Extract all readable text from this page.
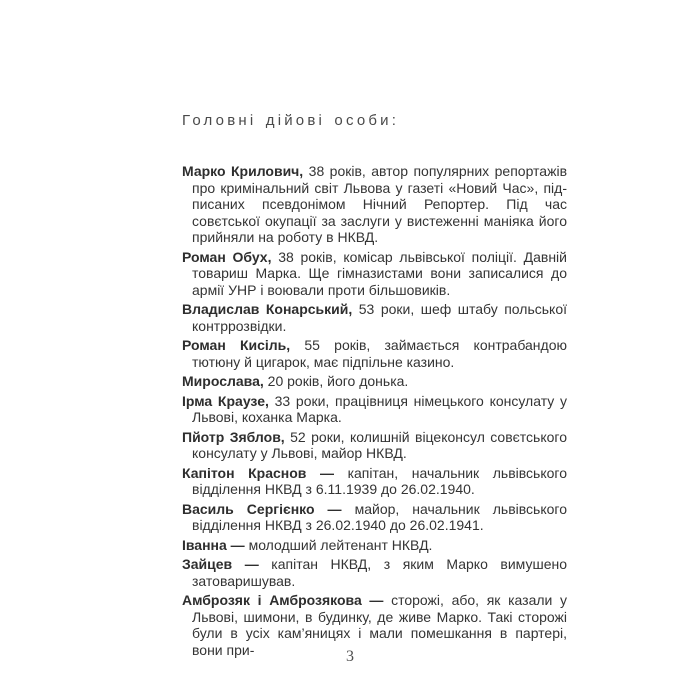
Головні дійові особи:

Марко Крилович, 38 років, автор популярних репортажів про кримінальний світ Львова у газеті «Новий Час», підписаних псевдонімом Нічний Репортер. Під час совєтської окупації за заслуги у вистеженні маніяка його прийняли на роботу в НКВД.

Роман Обух, 38 років, комісар львівської поліції. Давній товариш Марка. Ще гімназистами вони записалися до армії УНР і воювали проти більшовиків.

Владислав Конарський, 53 роки, шеф штабу польської контррозвідки.

Роман Кисіль, 55 років, займається контрабандою тютюну й цигарок, має підпільне казино.

Мирослава, 20 років, його донька.

Ірма Краузе, 33 роки, працівниця німецького консулату у Львові, коханка Марка.

Пйотр Зяблов, 52 роки, колишній віцеконсул совєтського консулату у Львові, майор НКВД.

Капітон Краснов — капітан, начальник львівського відділення НКВД з 6.11.1939 до 26.02.1940.

Василь Сергієнко — майор, начальник львівського відділення НКВД з 26.02.1940 до 26.02.1941.

Іванна — молодший лейтенант НКВД.

Зайцев — капітан НКВД, з яким Марко вимушено затоваришував.

Амброзяк і Амброзякова — сторожі, або, як казали у Львові, шимони, в будинку, де живе Марко. Такі сторожі були в усіх кам’яницях і мали помешкання в партері, вони при-	3
